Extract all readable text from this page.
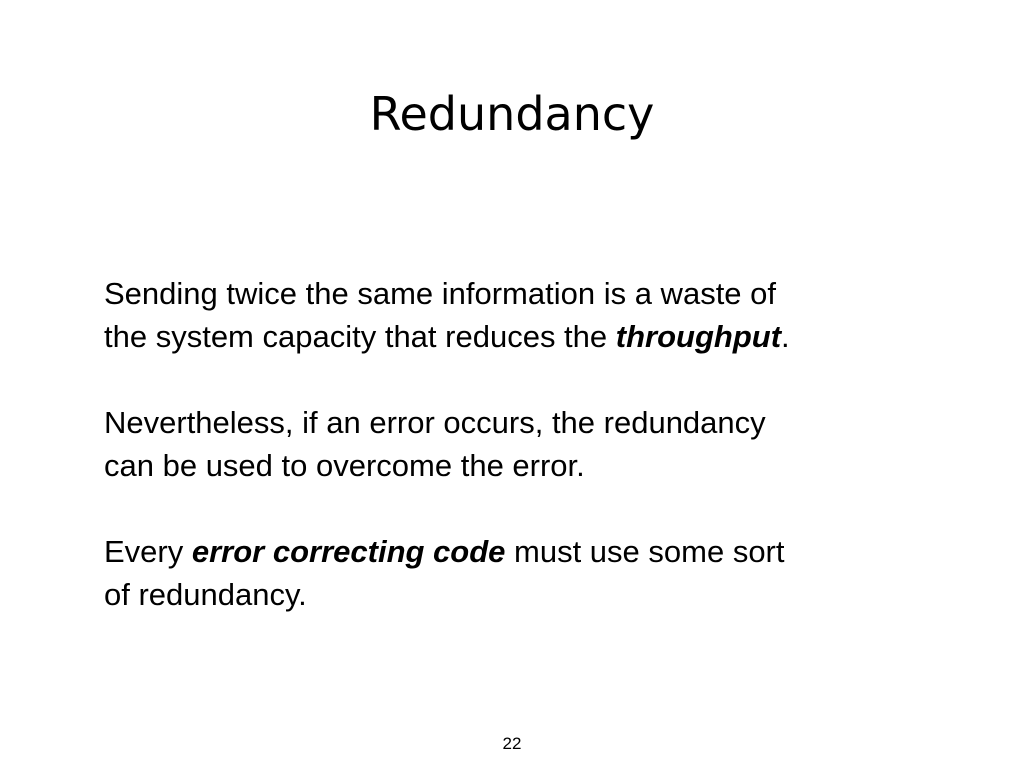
Redundancy

Sending twice the same information is a waste of
the system capacity that reduces the throughput.

Nevertheless, if an error occurs, the redundancy
can be used to overcome the error.

Every error correcting code must use some sort
of redundancy.

22
